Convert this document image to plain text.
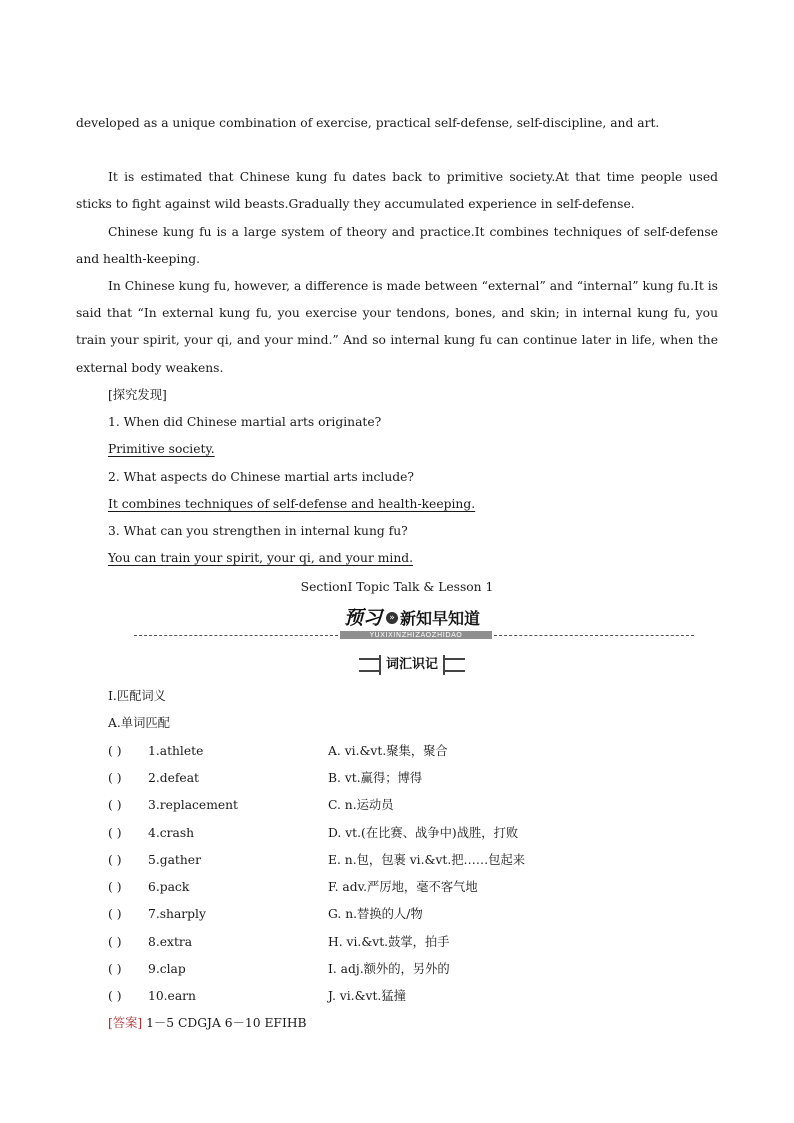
developed as a unique combination of exercise, practical self-defense, self-discipline, and art.

It is estimated that Chinese kung fu dates back to primitive society.At that time people used sticks to fight against wild beasts.Gradually they accumulated experience in self-defense.

Chinese kung fu is a large system of theory and practice.It combines techniques of self-defense and health-keeping.

In Chinese kung fu, however, a difference is made between “external” and “internal” kung fu.It is said that “In external kung fu, you exercise your tendons, bones, and skin; in internal kung fu, you train your spirit, your qi, and your mind.” And so internal kung fu can continue later in life, when the external body weakens.

[探究发现]

1. When did Chinese martial arts originate?

Primitive society.

2. What aspects do Chinese martial arts include?

It combines techniques of self-defense and health-keeping.

3. What can you strengthen in internal kung fu?

You can train your spirit, your qi, and your mind.

SectionⅠ Topic Talk & Lesson 1
YUXIXINZHIZAOZHIDAO
预习 » 新知早知道
词汇识记
Ⅰ.匹配词义
A.单词匹配
( ) 1.athlete	A. vi.&vt.聚集，聚合
( ) 2.defeat	B. vt.赢得；博得
( ) 3.replacement	C. n.运动员
( ) 4.crash	D. vt.(在比赛、战争中)战胜，打败
( ) 5.gather	E. n.包，包裹 vi.&vt.把……包起来
( ) 6.pack	F. adv.严厉地，毫不客气地
( ) 7.sharply	G. n.替换的人/物
( ) 8.extra	H. vi.&vt.鼓掌，拍手
( ) 9.clap	I. adj.额外的，另外的
( ) 10.earn	J. vi.&vt.猛撞
[答案] 1－5 CDGJA 6－10 EFIHB
